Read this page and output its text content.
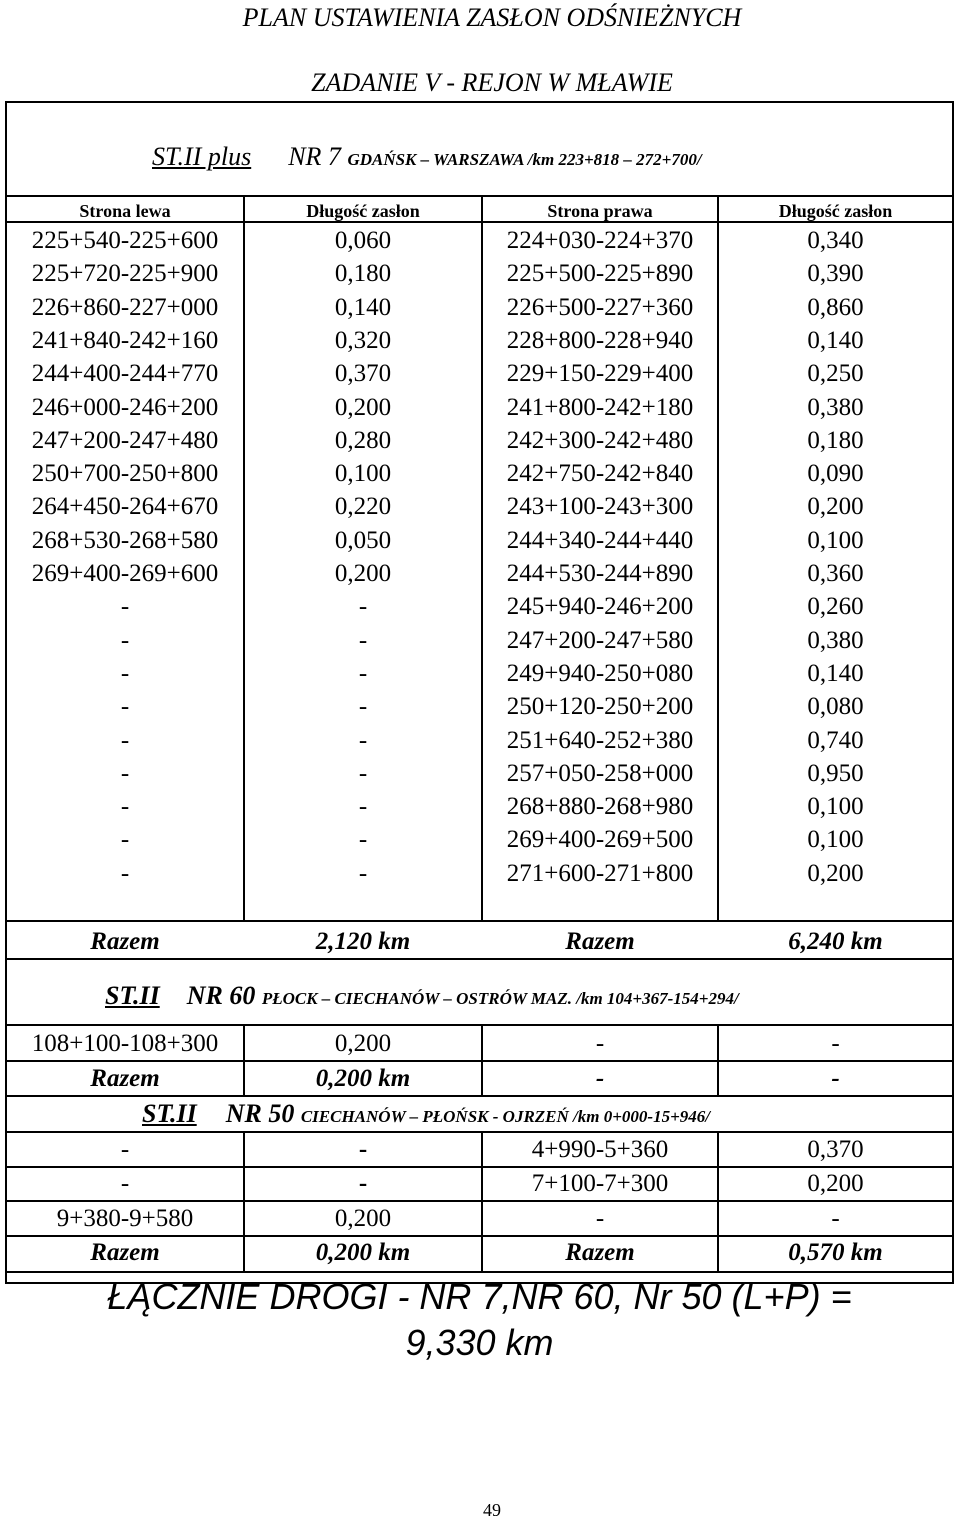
PLAN USTAWIENIA ZASŁON ODŚNIEŻNYCH
ZADANIE V - REJON W MŁAWIE
ST.II plus NR 7 GDAŃSK – WARSZAWA /km 223+818 – 272+700/
Strona lewa	Długość zasłon	Strona prawa	Długość zasłon
225+540-225+600	0,060	224+030-224+370	0,340
225+720-225+900	0,180	225+500-225+890	0,390
226+860-227+000	0,140	226+500-227+360	0,860
241+840-242+160	0,320	228+800-228+940	0,140
244+400-244+770	0,370	229+150-229+400	0,250
246+000-246+200	0,200	241+800-242+180	0,380
247+200-247+480	0,280	242+300-242+480	0,180
250+700-250+800	0,100	242+750-242+840	0,090
264+450-264+670	0,220	243+100-243+300	0,200
268+530-268+580	0,050	244+340-244+440	0,100
269+400-269+600	0,200	244+530-244+890	0,360
-	-	245+940-246+200	0,260
-	-	247+200-247+580	0,380
-	-	249+940-250+080	0,140
-	-	250+120-250+200	0,080
-	-	251+640-252+380	0,740
-	-	257+050-258+000	0,950
-	-	268+880-268+980	0,100
-	-	269+400-269+500	0,100
-	-	271+600-271+800	0,200
Razem	2,120 km	Razem	6,240 km
ST.II NR 60 PŁOCK – CIECHANÓW – OSTRÓW MAZ. /km 104+367-154+294/
108+100-108+300	0,200	-	-
Razem	0,200 km	-	-
ST.II NR 50 CIECHANÓW – PŁOŃSK - OJRZEŃ /km 0+000-15+946/
-	-	4+990-5+360	0,370
-	-	7+100-7+300	0,200
9+380-9+580	0,200	-	-
Razem	0,200 km	Razem	0,570 km
ŁĄCZNIE DROGI - NR 7,NR 60, Nr 50 (L+P) =
9,330 km
49
